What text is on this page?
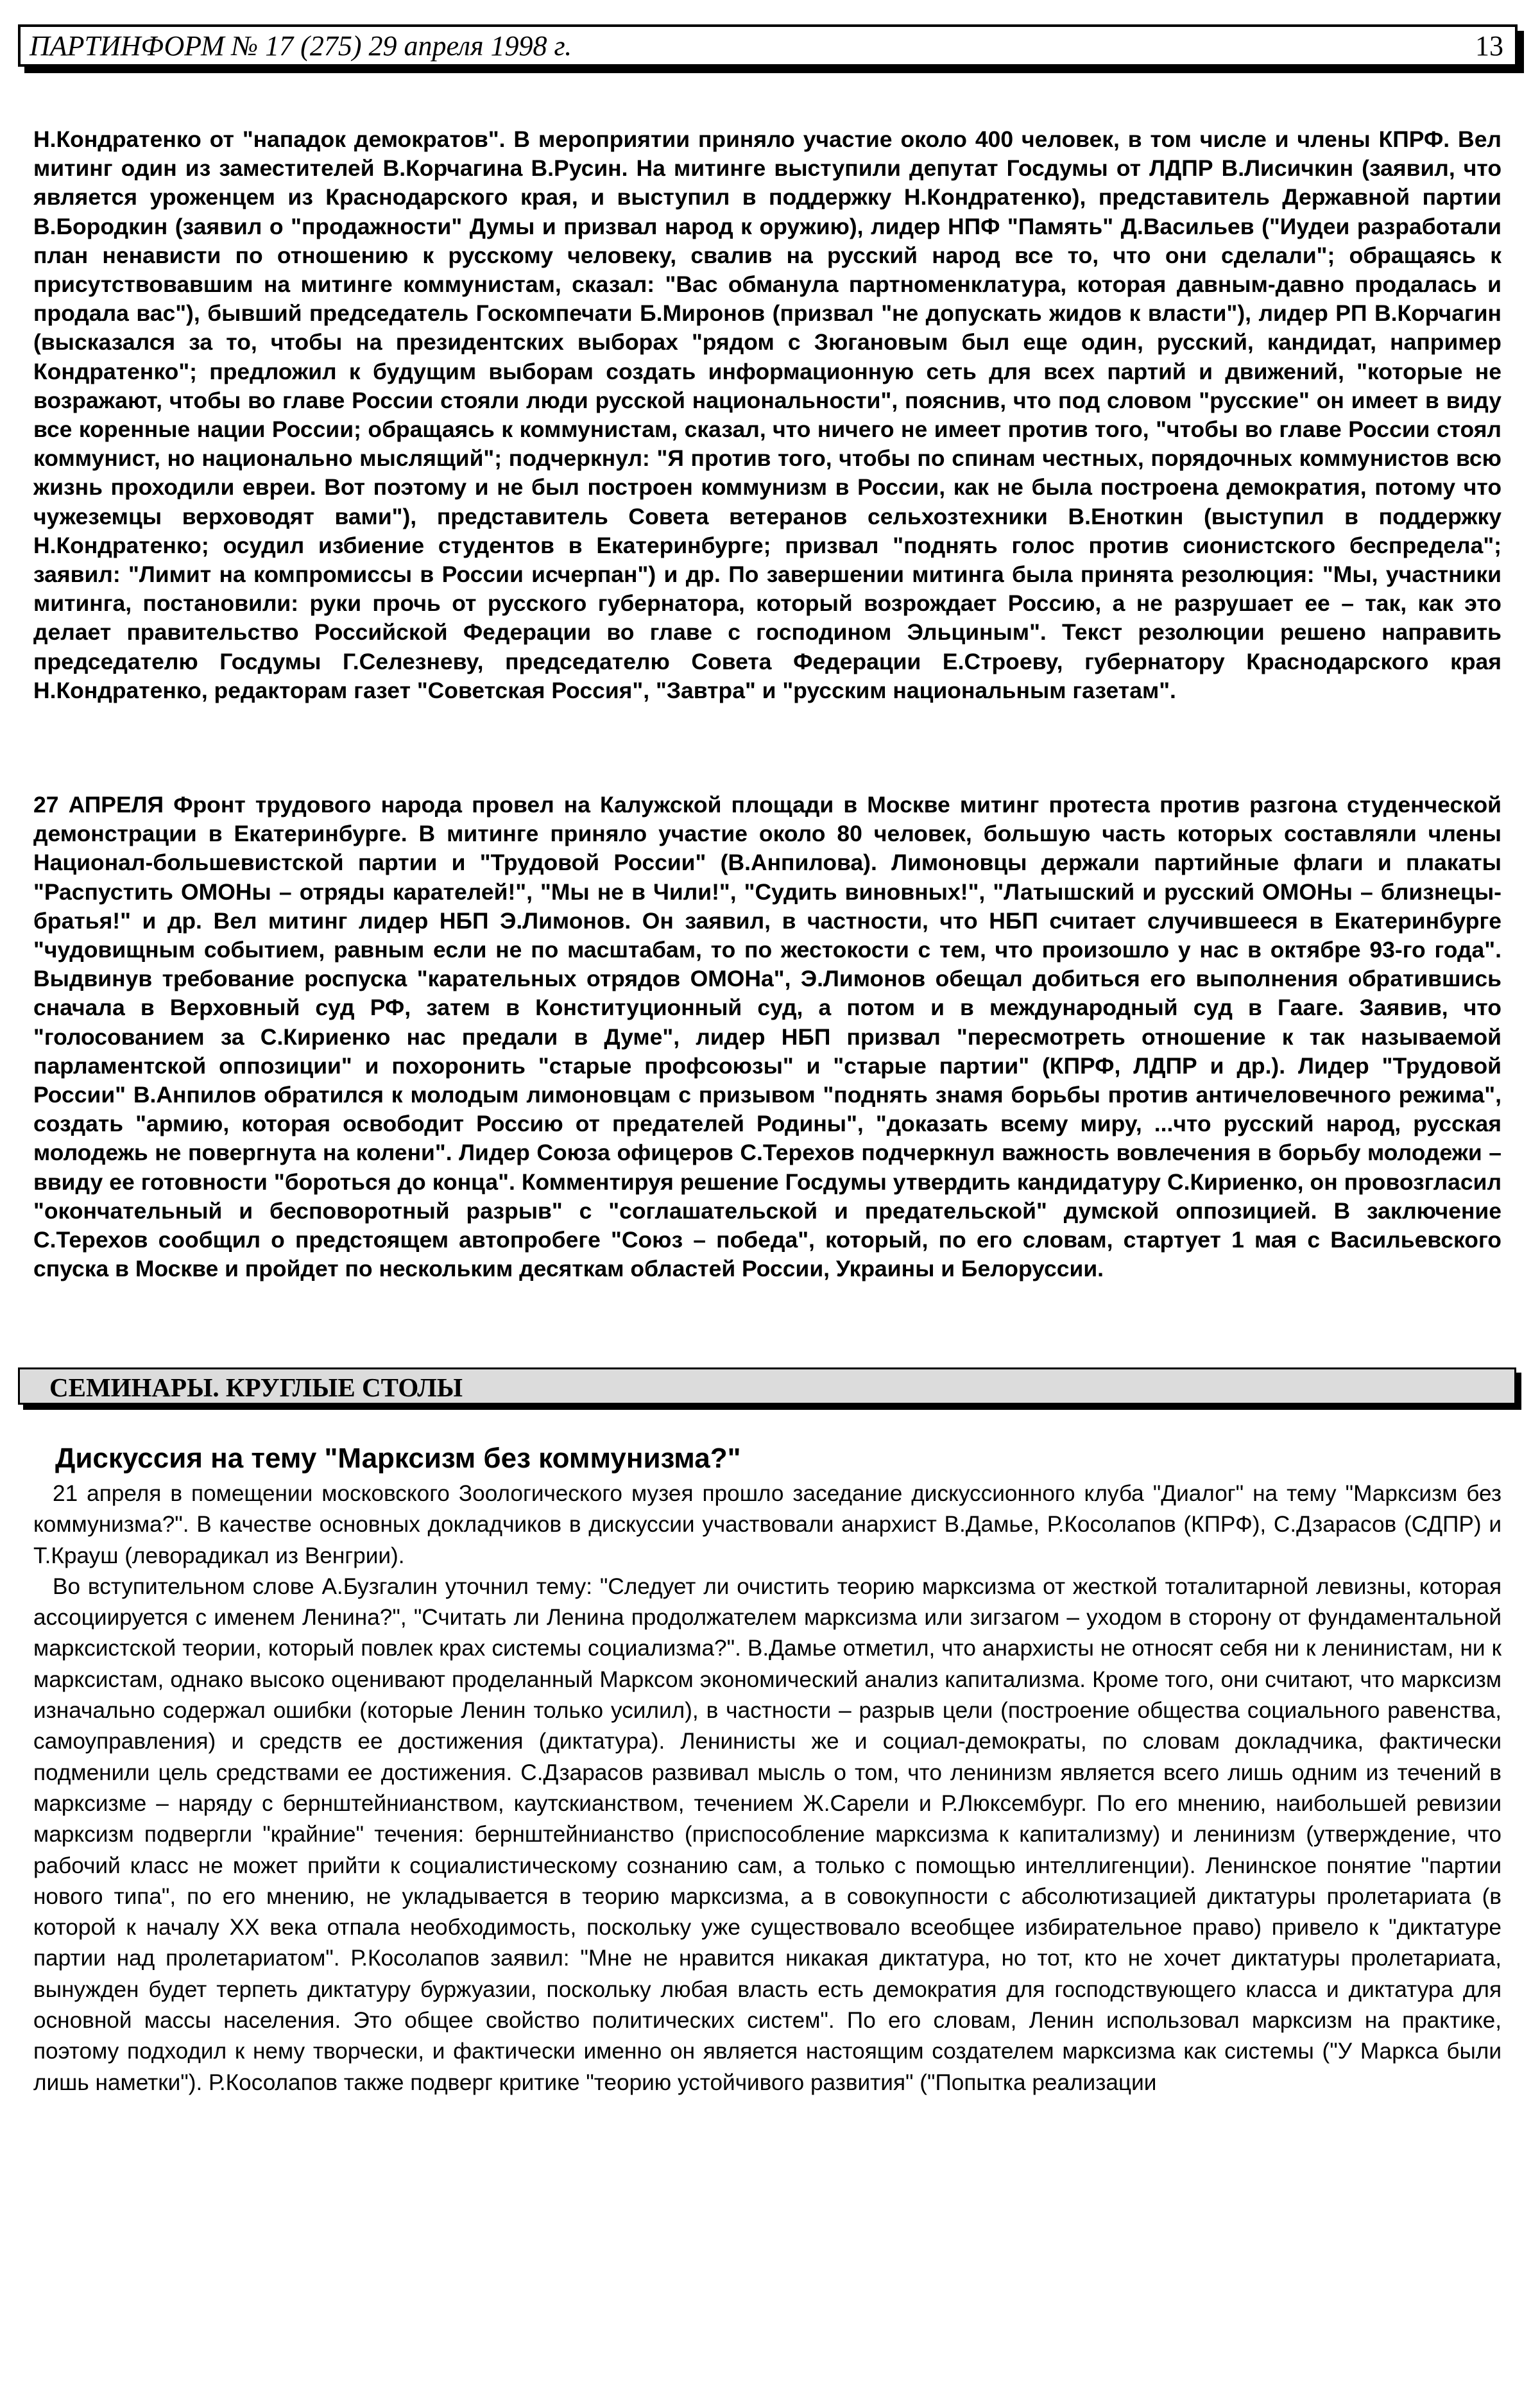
ПАРТИНФОРМ № 17 (275) 29 апреля 1998 г.	13
Н.Кондратенко от "нападок демократов". В мероприятии приняло участие около 400 человек, в том числе и члены КПРФ. Вел митинг один из заместителей В.Корчагина В.Русин. На митинге выступили депутат Госдумы от ЛДПР В.Лисичкин (заявил, что является уроженцем из Краснодарского края, и выступил в поддержку Н.Кондратенко), представитель Державной партии В.Бородкин (заявил о "продажности" Думы и призвал народ к оружию), лидер НПФ "Память" Д.Васильев ("Иудеи разработали план ненависти по отношению к русскому человеку, свалив на русский народ все то, что они сделали"; обращаясь к присутствовавшим на митинге коммунистам, сказал: "Вас обманула партноменклатура, которая давным-давно продалась и продала вас"), бывший председатель Госкомпечати Б.Миронов (призвал "не допускать жидов к власти"), лидер РП В.Корчагин (высказался за то, чтобы на президентских выборах "рядом с Зюгановым был еще один, русский, кандидат, например Кондратенко"; предложил к будущим выборам создать информационную сеть для всех партий и движений, "которые не возражают, чтобы во главе России стояли люди русской национальности", пояснив, что под словом "русские" он имеет в виду все коренные нации России; обращаясь к коммунистам, сказал, что ничего не имеет против того, "чтобы во главе России стоял коммунист, но национально мыслящий"; подчеркнул: "Я против того, чтобы по спинам честных, порядочных коммунистов всю жизнь проходили евреи. Вот поэтому и не был построен коммунизм в России, как не была построена демократия, потому что чужеземцы верховодят вами"), представитель Совета ветеранов сельхозтехники В.Еноткин (выступил в поддержку Н.Кондратенко; осудил избиение студентов в Екатеринбурге; призвал "поднять голос против сионистского беспредела"; заявил: "Лимит на компромиссы в России исчерпан") и др. По завершении митинга была принята резолюция: "Мы, участники митинга, постановили: руки прочь от русского губернатора, который возрождает Россию, а не разрушает ее – так, как это делает правительство Российской Федерации во главе с господином Эльциным". Текст резолюции решено направить председателю Госдумы Г.Селезневу, председателю Совета Федерации Е.Строеву, губернатору Краснодарского края Н.Кондратенко, редакторам газет "Советская Россия", "Завтра" и "русским национальным газетам".
27 АПРЕЛЯ Фронт трудового народа провел на Калужской площади в Москве митинг протеста против разгона студенческой демонстрации в Екатеринбурге. В митинге приняло участие около 80 человек, большую часть которых составляли члены Национал-большевистской партии и "Трудовой России" (В.Анпилова). Лимоновцы держали партийные флаги и плакаты "Распустить ОМОНы – отряды карателей!", "Мы не в Чили!", "Судить виновных!", "Латышский и русский ОМОНы – близнецы-братья!" и др. Вел митинг лидер НБП Э.Лимонов. Он заявил, в частности, что НБП считает случившееся в Екатеринбурге "чудовищным событием, равным если не по масштабам, то по жестокости с тем, что произошло у нас в октябре 93-го года". Выдвинув требование роспуска "карательных отрядов ОМОНа", Э.Лимонов обещал добиться его выполнения обратившись сначала в Верховный суд РФ, затем в Конституционный суд, а потом и в международный суд в Гааге. Заявив, что "голосованием за С.Кириенко нас предали в Думе", лидер НБП призвал "пересмотреть отношение к так называемой парламентской оппозиции" и похоронить "старые профсоюзы" и "старые партии" (КПРФ, ЛДПР и др.). Лидер "Трудовой России" В.Анпилов обратился к молодым лимоновцам с призывом "поднять знамя борьбы против античеловечного режима", создать "армию, которая освободит Россию от предателей Родины", "доказать всему миру, ...что русский народ, русская молодежь не повергнута на колени". Лидер Союза офицеров С.Терехов подчеркнул важность вовлечения в борьбу молодежи – ввиду ее готовности "бороться до конца". Комментируя решение Госдумы утвердить кандидатуру С.Кириенко, он провозгласил "окончательный и бесповоротный разрыв" с "соглашательской и предательской" думской оппозицией. В заключение С.Терехов сообщил о предстоящем автопробеге "Союз – победа", который, по его словам, стартует 1 мая с Васильевского спуска в Москве и пройдет по нескольким десяткам областей России, Украины и Белоруссии.
СЕМИНАРЫ. КРУГЛЫЕ СТОЛЫ
Дискуссия на тему "Марксизм без коммунизма?"

21 апреля в помещении московского Зоологического музея прошло заседание дискуссионного клуба "Диалог" на тему "Марксизм без коммунизма?". В качестве основных докладчиков в дискуссии участвовали анархист В.Дамье, Р.Косолапов (КПРФ), С.Дзарасов (СДПР) и Т.Крауш (леворадикал из Венгрии).

Во вступительном слове А.Бузгалин уточнил тему: "Следует ли очистить теорию марксизма от жесткой тоталитарной левизны, которая ассоциируется с именем Ленина?", "Считать ли Ленина продолжателем марксизма или зигзагом – уходом в сторону от фундаментальной марксистской теории, который повлек крах системы социализма?". В.Дамье отметил, что анархисты не относят себя ни к ленинистам, ни к марксистам, однако высоко оценивают проделанный Марксом экономический анализ капитализма. Кроме того, они считают, что марксизм изначально содержал ошибки (которые Ленин только усилил), в частности – разрыв цели (построение общества социального равенства, самоуправления) и средств ее достижения (диктатура). Ленинисты же и социал-демократы, по словам докладчика, фактически подменили цель средствами ее достижения. С.Дзарасов развивал мысль о том, что ленинизм является всего лишь одним из течений в марксизме – наряду с бернштейнианством, каутскианством, течением Ж.Сарели и Р.Люксембург. По его мнению, наибольшей ревизии марксизм подвергли "крайние" течения: бернштейнианство (приспособление марксизма к капитализму) и ленинизм (утверждение, что рабочий класс не может прийти к социалистическому сознанию сам, а только с помощью интеллигенции). Ленинское понятие "партии нового типа", по его мнению, не укладывается в теорию марксизма, а в совокупности с абсолютизацией диктатуры пролетариата (в которой к началу XX века отпала необходимость, поскольку уже существовало всеобщее избирательное право) привело к "диктатуре партии над пролетариатом". Р.Косолапов заявил: "Мне не нравится никакая диктатура, но тот, кто не хочет диктатуры пролетариата, вынужден будет терпеть диктатуру буржуазии, поскольку любая власть есть демократия для господствующего класса и диктатура для основной массы населения. Это общее свойство политических систем". По его словам, Ленин использовал марксизм на практике, поэтому подходил к нему творчески, и фактически именно он является настоящим создателем марксизма как системы ("У Маркса были лишь наметки"). Р.Косолапов также подверг критике "теорию устойчивого развития" ("Попытка реализации
